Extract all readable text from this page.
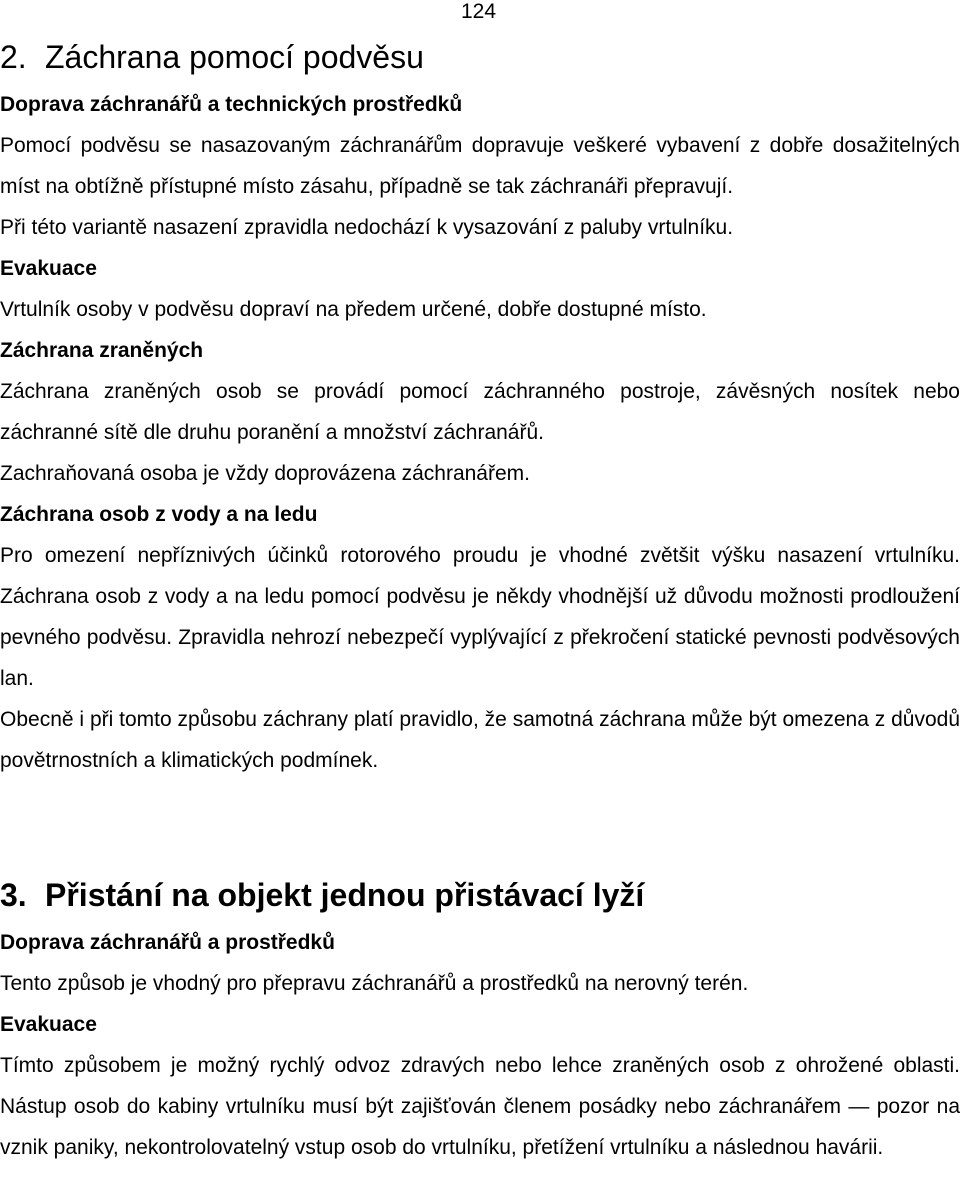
124
2. Záchrana pomocí podvěsu
Doprava záchranářů a technických prostředků

Pomocí podvěsu se nasazovaným záchranářům dopravuje veškeré vybavení z dobře dosažitelných míst na obtížně přístupné místo zásahu, případně se tak záchranáři přepravují.

Při této variantě nasazení zpravidla nedochází k vysazování z paluby vrtulníku.

Evakuace

Vrtulník osoby v podvěsu dopraví na předem určené, dobře dostupné místo.

Záchrana zraněných

Záchrana zraněných osob se provádí pomocí záchranného postroje, závěsných nosítek nebo záchranné sítě dle druhu poranění a množství záchranářů.

Zachraňovaná osoba je vždy doprovázena záchranářem.

Záchrana osob z vody a na ledu

Pro omezení nepříznivých účinků rotorového proudu je vhodné zvětšit výšku nasazení vrtulníku. Záchrana osob z vody a na ledu pomocí podvěsu je někdy vhodnější už důvodu možnosti prodloužení pevného podvěsu. Zpravidla nehrozí nebezpečí vyplývající z překročení statické pevnosti podvěsových lan.

Obecně i při tomto způsobu záchrany platí pravidlo, že samotná záchrana může být omezena z důvodů povětrnostních a klimatických podmínek.

3. Přistání na objekt jednou přistávací lyží
Doprava záchranářů a prostředků

Tento způsob je vhodný pro přepravu záchranářů a prostředků na nerovný terén.

Evakuace

Tímto způsobem je možný rychlý odvoz zdravých nebo lehce zraněných osob z ohrožené oblasti. Nástup osob do kabiny vrtulníku musí být zajišťován členem posádky nebo záchranářem — pozor na vznik paniky, nekontrolovatelný vstup osob do vrtulníku, přetížení vrtulníku a následnou havárii.
